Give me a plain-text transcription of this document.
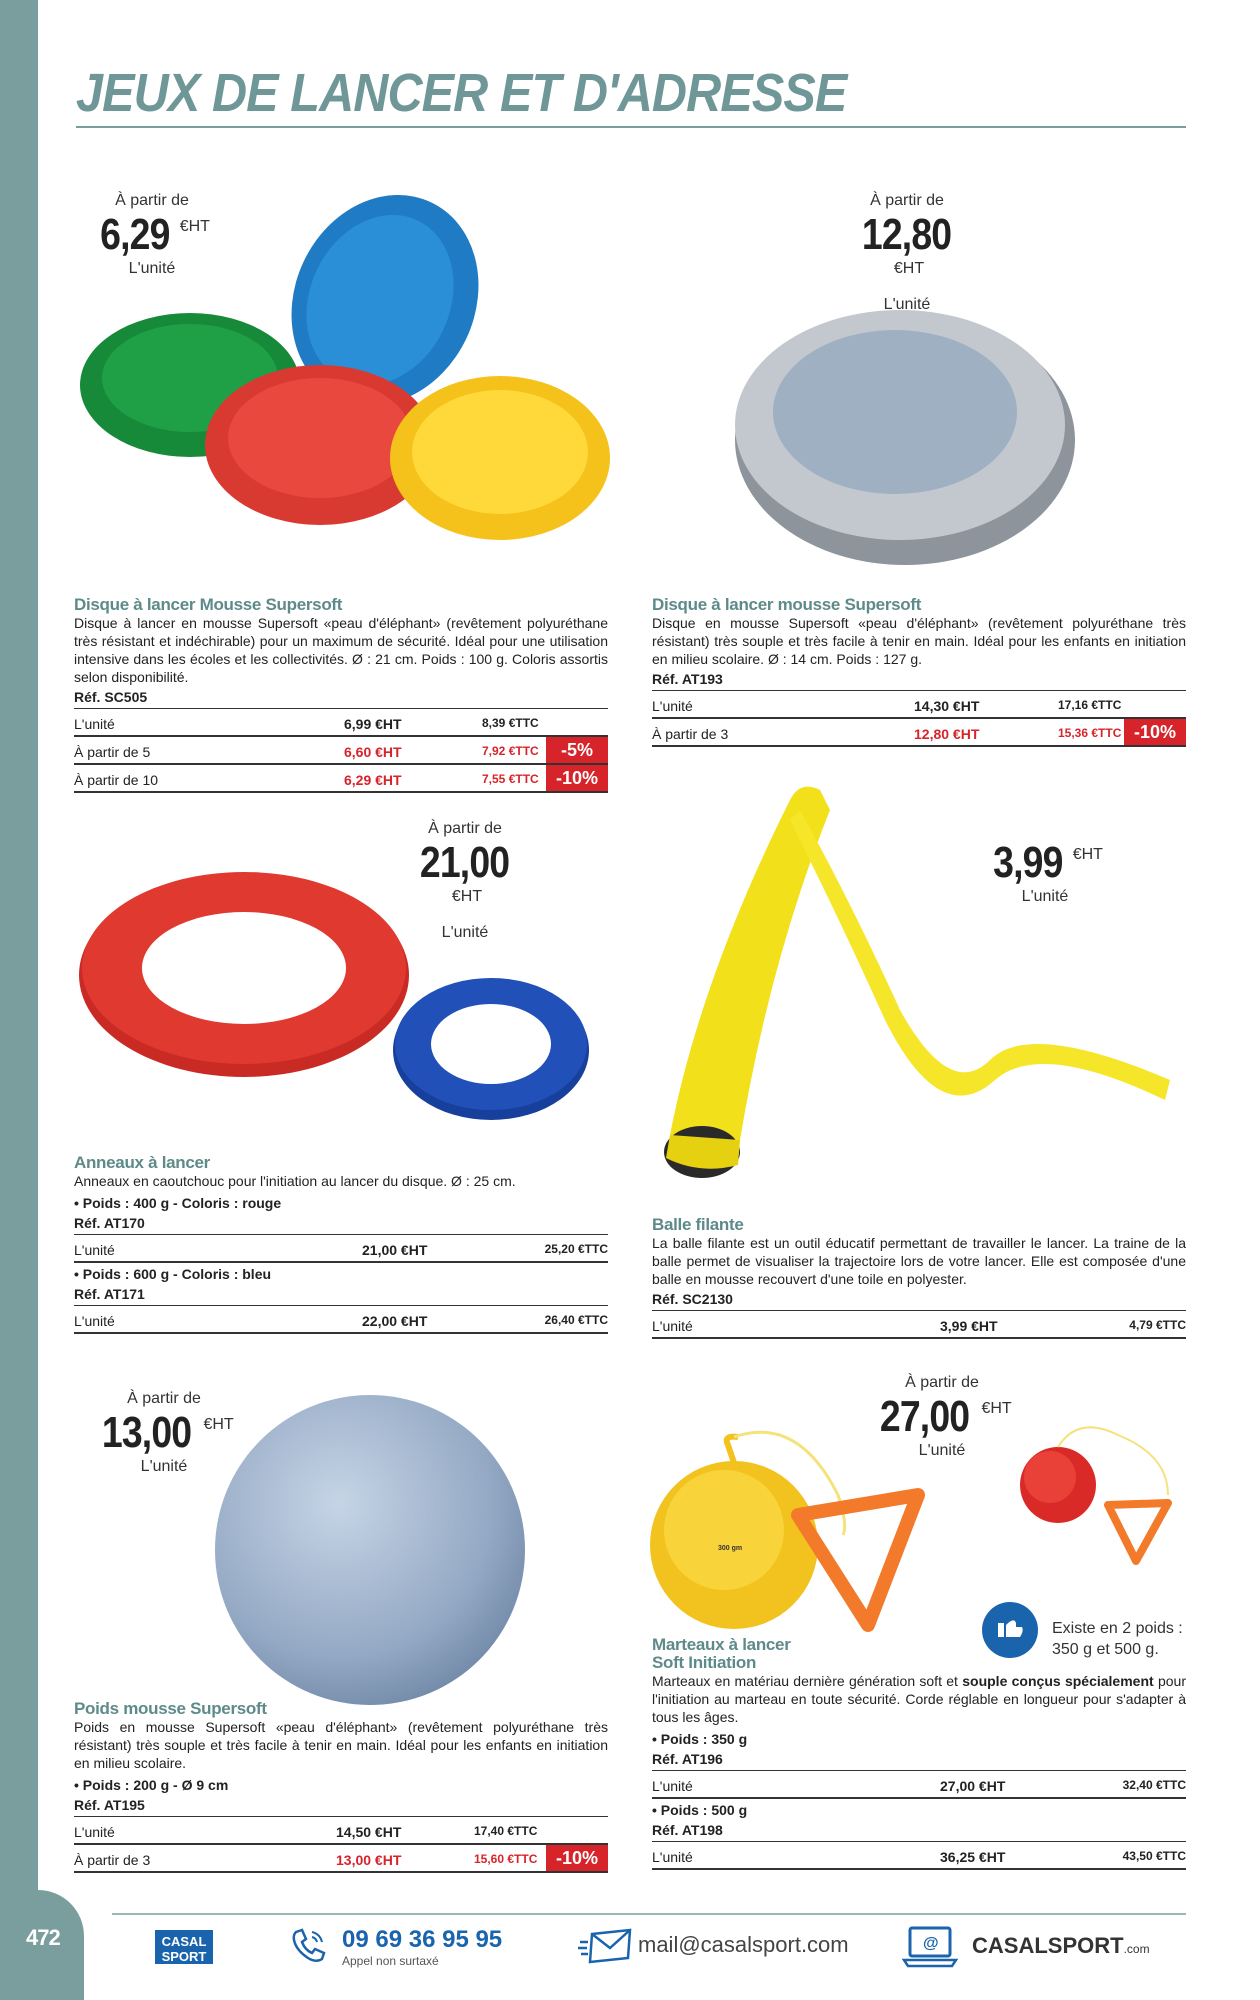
472
JEUX DE LANCER ET D'ADRESSE
À partir de
6,29 €HT
L'unité
Disque à lancer Mousse Supersoft
Disque à lancer en mousse Supersoft «peau d'éléphant» (revêtement polyuréthane très résistant et indéchirable) pour un maximum de sécurité. Idéal pour une utilisation intensive dans les écoles et les collectivités. Ø : 21 cm. Poids : 100 g. Coloris assortis selon disponibilité.
Réf. SC505
L'unité	6,99 €HT	8,39 €TTC
À partir de 5	6,60 €HT	7,92 €TTC	-5%
À partir de 10	6,29 €HT	7,55 €TTC -10%
À partir de
12,80€HT
L'unité
Disque à lancer mousse Supersoft
Disque en mousse Supersoft «peau d'éléphant» (revêtement polyuréthane très résistant) très souple et très facile à tenir en main. Idéal pour les enfants en initiation en milieu scolaire. Ø : 14 cm. Poids : 127 g.
Réf. AT193
L'unité	14,30 €HT	17,16 €TTC
À partir de 3	12,80 €HT	15,36 €TTC -10%
À partir de
21,00€HT
L'unité
Anneaux à lancer
Anneaux en caoutchouc pour l'initiation au lancer du disque. Ø : 25 cm.
• Poids : 400 g - Coloris : rouge
Réf. AT170
L'unité	21,00 €HT	25,20 €TTC
• Poids : 600 g - Coloris : bleu
Réf. AT171
L'unité	22,00 €HT	26,40 €TTC
3,99 €HT
L'unité
Balle filante
La balle filante est un outil éducatif permettant de travailler le lancer. La traine de la balle permet de visualiser la trajectoire lors de votre lancer. Elle est composée d'une balle en mousse recouvert d'une toile en polyester.
Réf. SC2130
L'unité	3,99 €HT	4,79 €TTC
À partir de
13,00 €HT
L'unité
Poids mousse Supersoft
Poids en mousse Supersoft «peau d'éléphant» (revêtement polyuréthane très résistant) très souple et très facile à tenir en main. Idéal pour les enfants en initiation en milieu scolaire.
• Poids : 200 g - Ø 9 cm
Réf. AT195
L'unité	14,50 €HT	17,40 €TTC
À partir de 3	13,00 €HT	15,60 €TTC	-10%
300 gm
À partir de
27,00 €HT
L'unité
Existe en 2 poids : 350 g et 500 g.
Marteaux à lancer
Soft Initiation
Marteaux en matériau dernière génération soft et souple conçus spécialement pour l'initiation au marteau en toute sécurité. Corde réglable en longueur pour s'adapter à tous les âges.
• Poids : 350 g
Réf. AT196
L'unité	27,00 €HT	32,40 €TTC
• Poids : 500 g
Réf. AT198
L'unité	36,25 €HT	43,50 €TTC
CASAL SPORT
09 69 36 95 95
Appel non surtaxé
mail@casalsport.com	@ CASALSPORT.com
